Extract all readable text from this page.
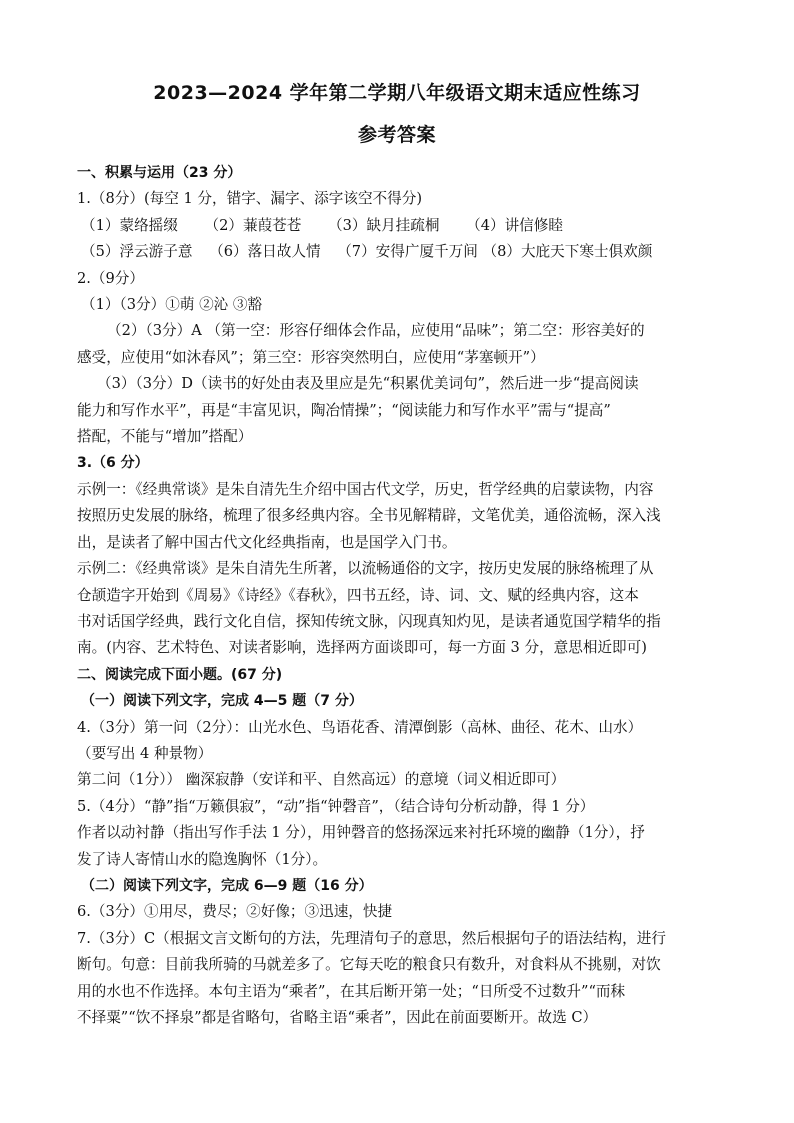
2023—2024 学年第二学期八年级语文期末适应性练习
参考答案

一、积累与运用（23 分）

1.（8分）(每空 1 分，错字、漏字、添字该空不得分)

（1）蒙络摇缀 （2）蒹葭苍苍 （3）缺月挂疏桐 （4）讲信修睦

（5）浮云游子意 （6）落日故人情 （7）安得广厦千万间 （8）大庇天下寒士俱欢颜

2.（9分）

（1）（3分）①萌 ②沁 ③豁

（2）（3分）A （第一空：形容仔细体会作品，应使用“品味”；第二空：形容美好的

感受，应使用“如沐春风”；第三空：形容突然明白，应使用“茅塞顿开”）

（3）（3分）D（读书的好处由表及里应是先“积累优美词句”，然后进一步“提高阅读

能力和写作水平”，再是“丰富见识，陶冶情操”；“阅读能力和写作水平”需与“提高”

搭配，不能与“增加”搭配）

3.（6 分）

示例一：《经典常谈》是朱自清先生介绍中国古代文学，历史，哲学经典的启蒙读物，内容

按照历史发展的脉络，梳理了很多经典内容。全书见解精辟，文笔优美，通俗流畅，深入浅

出，是读者了解中国古代文化经典指南，也是国学入门书。

示例二：《经典常谈》是朱自清先生所著，以流畅通俗的文字，按历史发展的脉络梳理了从

仓颉造字开始到《周易》《诗经》《春秋》，四书五经，诗、词、文、赋的经典内容，这本

书对话国学经典，践行文化自信，探知传统文脉，闪现真知灼见，是读者通览国学精华的指

南。(内容、艺术特色、对读者影响，选择两方面谈即可，每一方面 3 分，意思相近即可)

二、阅读完成下面小题。(67 分)

（一）阅读下列文字，完成 4—5 题（7 分）

4.（3分）第一问（2分）：山光水色、鸟语花香、清潭倒影（高林、曲径、花木、山水）

（要写出 4 种景物）

第二问（1分）） 幽深寂静（安详和平、自然高远）的意境（词义相近即可）

5.（4分）“静”指“万籁俱寂”，“动”指“钟磬音”，（结合诗句分析动静，得 1 分）

作者以动衬静（指出写作手法 1 分），用钟磬音的悠扬深远来衬托环境的幽静（1分），抒

发了诗人寄情山水的隐逸胸怀（1分）。

（二）阅读下列文字，完成 6—9 题（16 分）

6.（3分）①用尽，费尽；②好像；③迅速，快捷

7.（3分）C（根据文言文断句的方法，先理清句子的意思，然后根据句子的语法结构，进行

断句。句意：目前我所骑的马就差多了。它每天吃的粮食只有数升，对食料从不挑剔，对饮

用的水也不作选择。本句主语为“乘者”，在其后断开第一处；“日所受不过数升”“而秣

不择粟”“饮不择泉”都是省略句，省略主语“乘者”，因此在前面要断开。故选 C）
